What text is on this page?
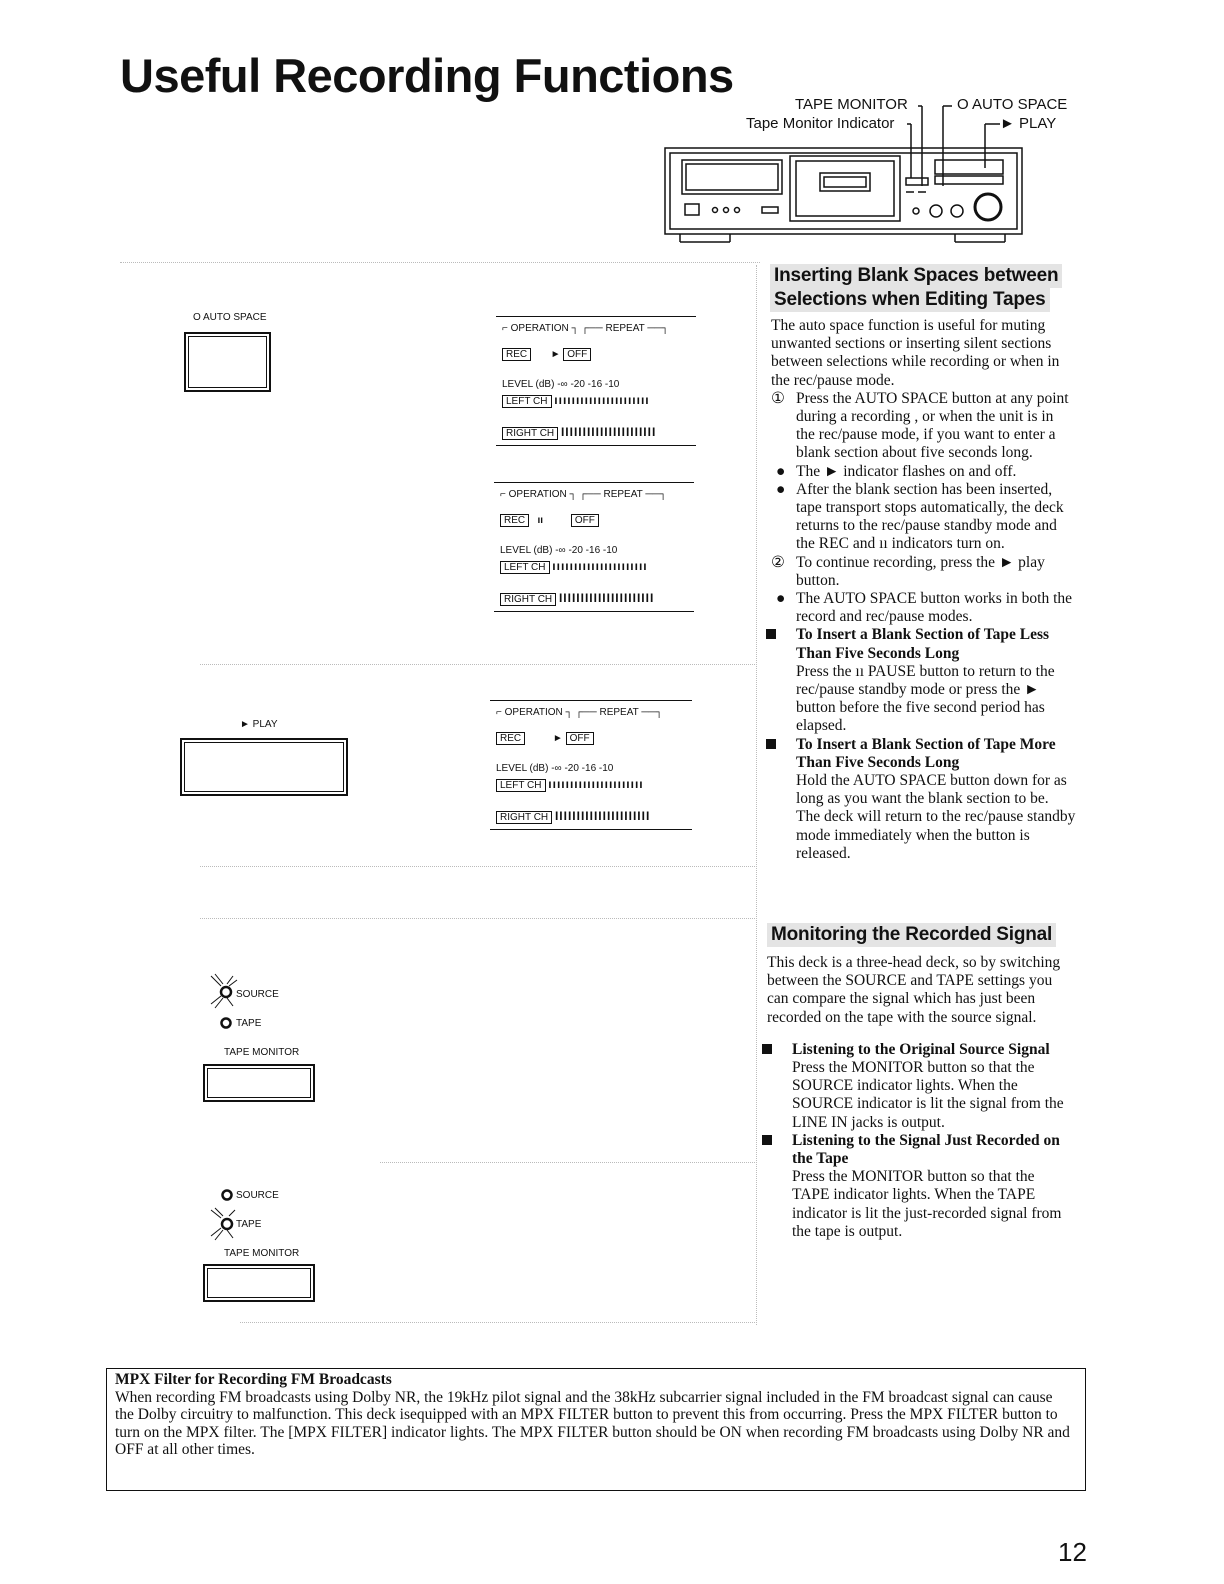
Useful Recording Functions
TAPE MONITOR
Tape Monitor Indicator
O AUTO SPACE
► PLAY
O AUTO SPACE
► PLAY
SOURCE
TAPE
TAPE MONITOR
SOURCE
TAPE
TAPE MONITOR
⌐ OPERATION ┐ ┌── REPEAT ──┐
REC ► OFF
LEVEL (dB) -∞ -20 -16 -10
LEFT CH ıııııııııııııııııııııı
RIGHT CH IIIIIIIIIIIIIIIIIIIIII
⌐ OPERATION ┐ ┌── REPEAT ──┐
REC ıı	OFF
LEVEL (dB) -∞ -20 -16 -10
LEFT CH ıııııııııııııııııııııı
RIGHT CH IIIIIIIIIIIIIIIIIIIIII
⌐ OPERATION ┐ ┌── REPEAT ──┐
REC	► OFF
LEVEL (dB) -∞ -20 -16 -10
LEFT CH ıııııııııııııııııııııı
RIGHT CH IIIIIIIIIIIIIIIIIIIIII
Inserting Blank Spaces between
Selections when Editing Tapes

The auto space function is useful for muting unwanted sections or inserting silent sections between selections while recording or when in the rec/pause mode.

① Press the AUTO SPACE button at any point during a recording , or when the unit is in the rec/pause mode, if you want to enter a blank section about five seconds long.

● The ► indicator flashes on and off.

● After the blank section has been inserted, tape transport stops automatically, the deck returns to the rec/pause standby mode and the REC and ıı indicators turn on.

② To continue recording, press the ► play button.

● The AUTO SPACE button works in both the record and rec/pause modes.

To Insert a Blank Section of Tape Less Than Five Seconds Long
Press the ıı PAUSE button to return to the rec/pause standby mode or press the ► button before the five second period has elapsed.

To Insert a Blank Section of Tape More Than Five Seconds Long
Hold the AUTO SPACE button down for as long as you want the blank section to be. The deck will return to the rec/pause standby mode immediately when the button is released.

Monitoring the Recorded Signal

This deck is a three-head deck, so by switching between the SOURCE and TAPE settings you can compare the signal which has just been recorded on the tape with the source signal.

Listening to the Original Source Signal
Press the MONITOR button so that the SOURCE indicator lights. When the SOURCE indicator is lit the signal from the LINE IN jacks is output.

Listening to the Signal Just Recorded on the Tape
Press the MONITOR button so that the TAPE indicator lights. When the TAPE indicator is lit the just-recorded signal from the tape is output.

MPX Filter for Recording FM Broadcasts
When recording FM broadcasts using Dolby NR, the 19kHz pilot signal and the 38kHz subcarrier signal included in the FM broadcast signal can cause the Dolby circuitry to malfunction. This deck isequipped with an MPX FILTER button to prevent this from occurring. Press the MPX FILTER button to turn on the MPX filter. The [MPX FILTER] indicator lights. The MPX FILTER button should be ON when recording FM broadcasts using Dolby NR and OFF at all other times.
12
